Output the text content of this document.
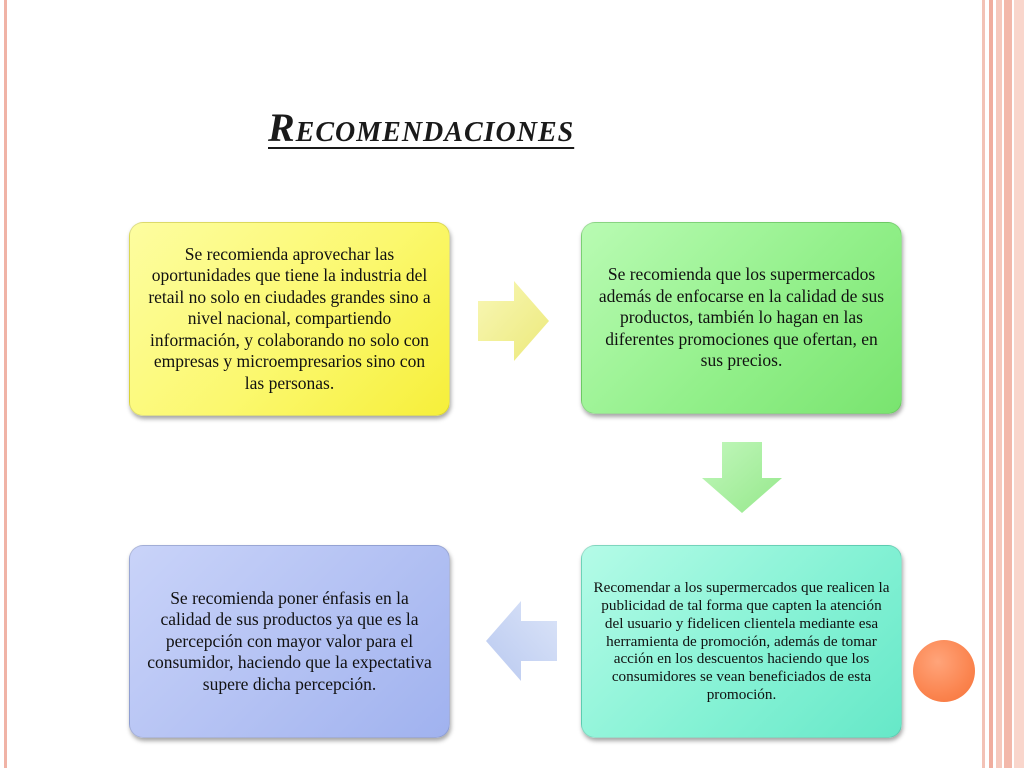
Recomendaciones
Se recomienda aprovechar las oportunidades que tiene la industria del retail no solo en ciudades grandes sino a nivel nacional, compartiendo información, y colaborando no solo con empresas y microempresarios sino con las personas.
Se recomienda que los supermercados además de enfocarse en la calidad de sus productos, también lo hagan en las diferentes promociones que ofertan, en sus precios.
Recomendar a los supermercados que realicen la publicidad de tal forma que capten la atención del usuario y fidelicen clientela mediante esa herramienta de promoción, además de tomar acción en los descuentos haciendo que los consumidores se vean beneficiados de esta promoción.
Se recomienda poner énfasis en la calidad de sus productos ya que es la percepción con mayor valor para el consumidor, haciendo que la expectativa supere dicha percepción.
